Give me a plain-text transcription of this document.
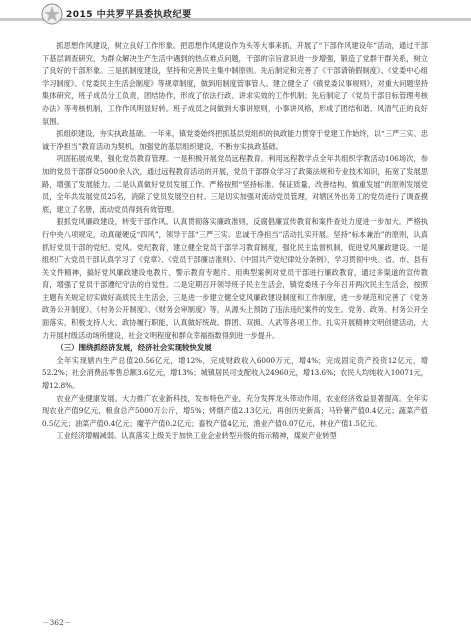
2015 中共罗平县委执政纪要

抓思想作风建设，树立良好工作形象。把思想作风建设作为头等大事来抓，开展了“下部作风建设年”活动，通过干部下基层调查研究，为群众解决生产生活中遇到的热点难点问题，干部的宗旨意识进一步增强，锻造了党群干群关系，树立了良好的干部形象。三是抓制度建设，坚持和完善民主集中制原则。先后制定和完善了《干部请销假制度》、《党委中心组学习制度》、《党委民主生活会制度》等规章制度，做到用制度管事管人。建立健全了《镇党委议事规则》，对重大问题坚持集体研究，班子成员分工负责，团结协作，形成了依法行政、讲求实效的工作机制；先后制定了《党员干部目标管理考核办法》等考核机制，工作作风明显好转。班子成员之间做到大事讲原则，小事讲风格，形成了团结和谐、风清气正的良好氛围。

抓组织建设，夯实执政基础。一年来，镇党委始终把抓基层党组织的执政能力贯穿于党建工作始终，以“三严三实、忠诚干净担当”教育活动为契机，加强党的基层组织建设，不断夯实执政基础。

巩固拓展成果，强化党员教育管理。一是积极开展党员远程教育。利用远程教学点全年共组织学教活动106场次，参加的党员干部群众5000余人次，通过远程教育活动的开展，党员干部群众学习了政策法规和专业技术知识，拓宽了发展思路，增强了发展能力。二是认真做好党员发展工作。严格按照“坚持标准、保证质量、改善结构、慎重发展”的原则发展党员，全年共发展党员25名，消除了党员发展空白村。三是切实加强对流动党员管理，对辖区外出务工的党员进行了调查摸底，建立了名册，流动党员得到有效管理。

狠抓党风廉政建设，转变干部作风。认真贯彻落实廉政准则，反腐倡廉宣传教育和案件查处力度进一步加大。严格执行中央八项规定，动真碰硬反“四风”，领导干部“三严三实、忠诚干净担当”活动扎实开展。坚持“标本兼治”的原则，认真抓好党员干部的党纪、党风、党纪教育，建立健全党员干部学习教育制度，强化民主监督机制，促进党风廉政建设。一是组织广大党员干部认真学习了《党章》、《党员干部廉洁准则》、《中国共产党纪律处分条例》，学习贯彻中央、省、市、县有关文件精神，搞好党风廉政建设电教片、警示教育专题片、用典型案例对党员干部进行廉政教育，通过多渠道的宣传教育，增强了党员干部遵纪守法的自觉性。二是定期召开领导班子民主生活会，镇党委班子今年召开两次民主生活会，按照主题有关规定切实做好高质民主生活会，三是进一步建立健全党风廉政建设制度和工作制度，进一步规范和完善了《党务政务公开制度》、《村务公开制度》、《财务会审制度》等，从源头上预防了违法违纪案件的发生。党务、政务、村务公开全面落实，积极支持人大、政协履行职能，认真做好统战、群团、双拥、人武等各项工作。扎实开展精神文明创建活动，大力开展村级活动场所建设，社会文明程度和群众幸福指数得到进一步提升。

（三）围绕抓经济发展，经济社会实现较快发展

全年实现辖内生产总值20.56亿元，增12%，完成财政收入6000万元，增4%；完成固定资产投资12亿元，增52.2%；社会消费品零售总额3.6亿元，增13%；城镇居民可支配收入24960元，增13.6%；农民人均纯收入10071元，增12.8%。

农业产业健康发展。大力推广农业新科技，发布特色产业，充分发挥龙头带动作用，农业经济效益显著提高。全年实现农业产值9亿元，粮食总产5000万公斤，增5%；烤烟产值2.13亿元，再创历史新高；马铃薯产值0.4亿元；蔬菜产值0.5亿元；油菜产值0.4亿元；魔芋产值0.2亿元；畜牧产值4亿元，渔业产值0.07亿元，林业产值1.5亿元。

工业经济增幅减弱。认真落实上级关于加快工业企业转型升级的指示精神，煤炭产业转型

－362－
